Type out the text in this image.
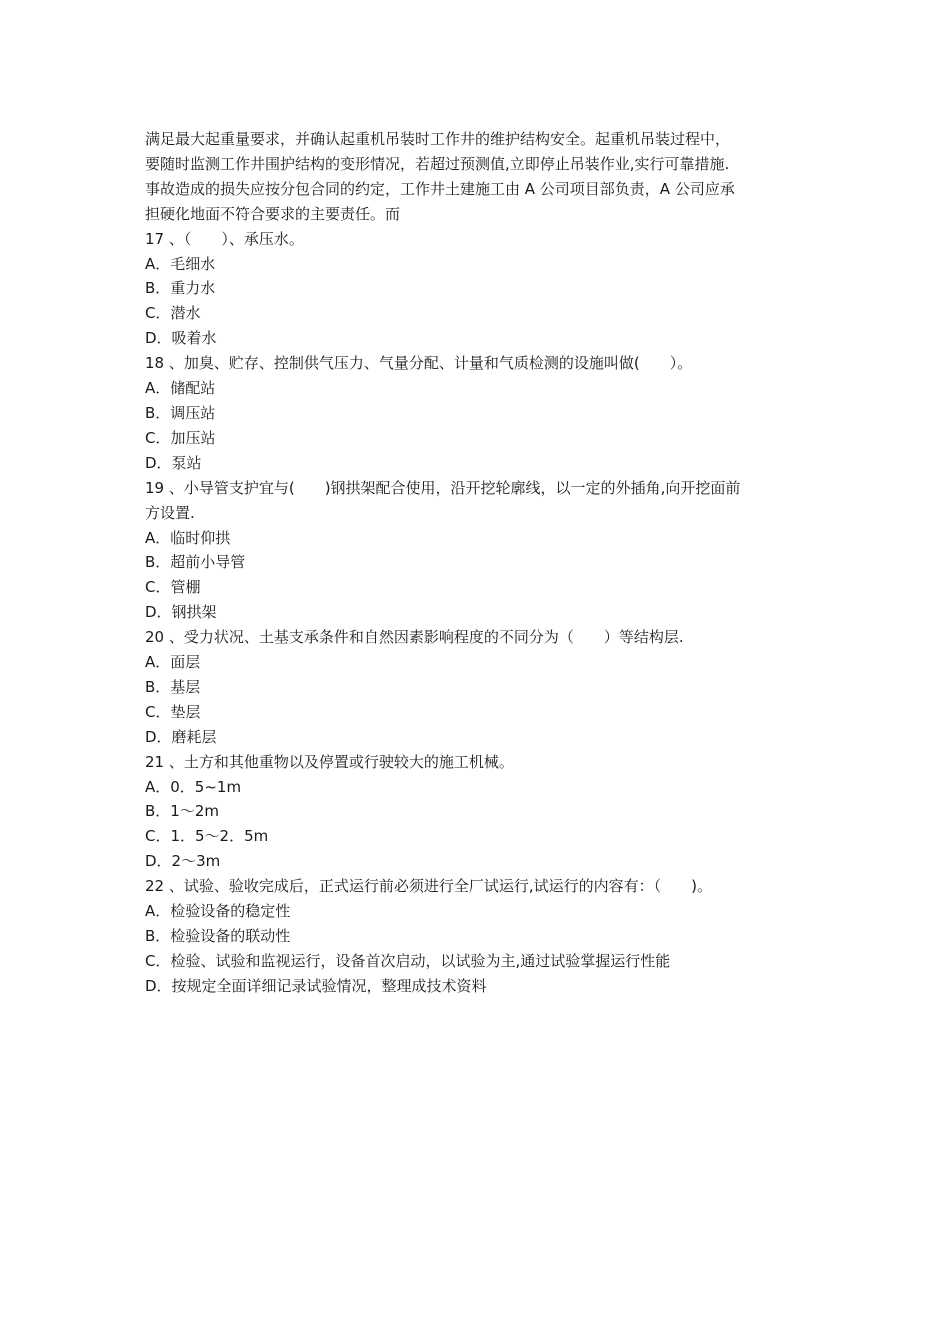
满足最大起重量要求，并确认起重机吊装时工作井的维护结构安全。起重机吊装过程中，
要随时监测工作井围护结构的变形情况，若超过预测值,立即停止吊装作业,实行可靠措施.
事故造成的损失应按分包合同的约定，工作井土建施工由 A 公司项目部负责，A 公司应承
担硬化地面不符合要求的主要责任。而
17 、（　　）、承压水。
A．毛细水
B．重力水
C．潜水
D．吸着水
18 、加臭、贮存、控制供气压力、气量分配、计量和气质检测的设施叫做(　　）。
A．储配站
B．调压站
C．加压站
D．泵站
19 、小导管支护宜与(　　)钢拱架配合使用，沿开挖轮廓线，以一定的外插角,向开挖面前
方设置.
A．临时仰拱
B．超前小导管
C．管棚
D．钢拱架
20 、受力状况、土基支承条件和自然因素影响程度的不同分为（　　）等结构层.
A．面层
B．基层
C．垫层
D．磨耗层
21 、土方和其他重物以及停置或行驶较大的施工机械。
A．0．5~1m
B．1～2m
C．1．5～2．5m
D．2～3m
22 、试验、验收完成后，正式运行前必须进行全厂试运行,试运行的内容有：（　　)。
A．检验设备的稳定性
B．检验设备的联动性
C．检验、试验和监视运行，设备首次启动，以试验为主,通过试验掌握运行性能
D．按规定全面详细记录试验情况，整理成技术资料
